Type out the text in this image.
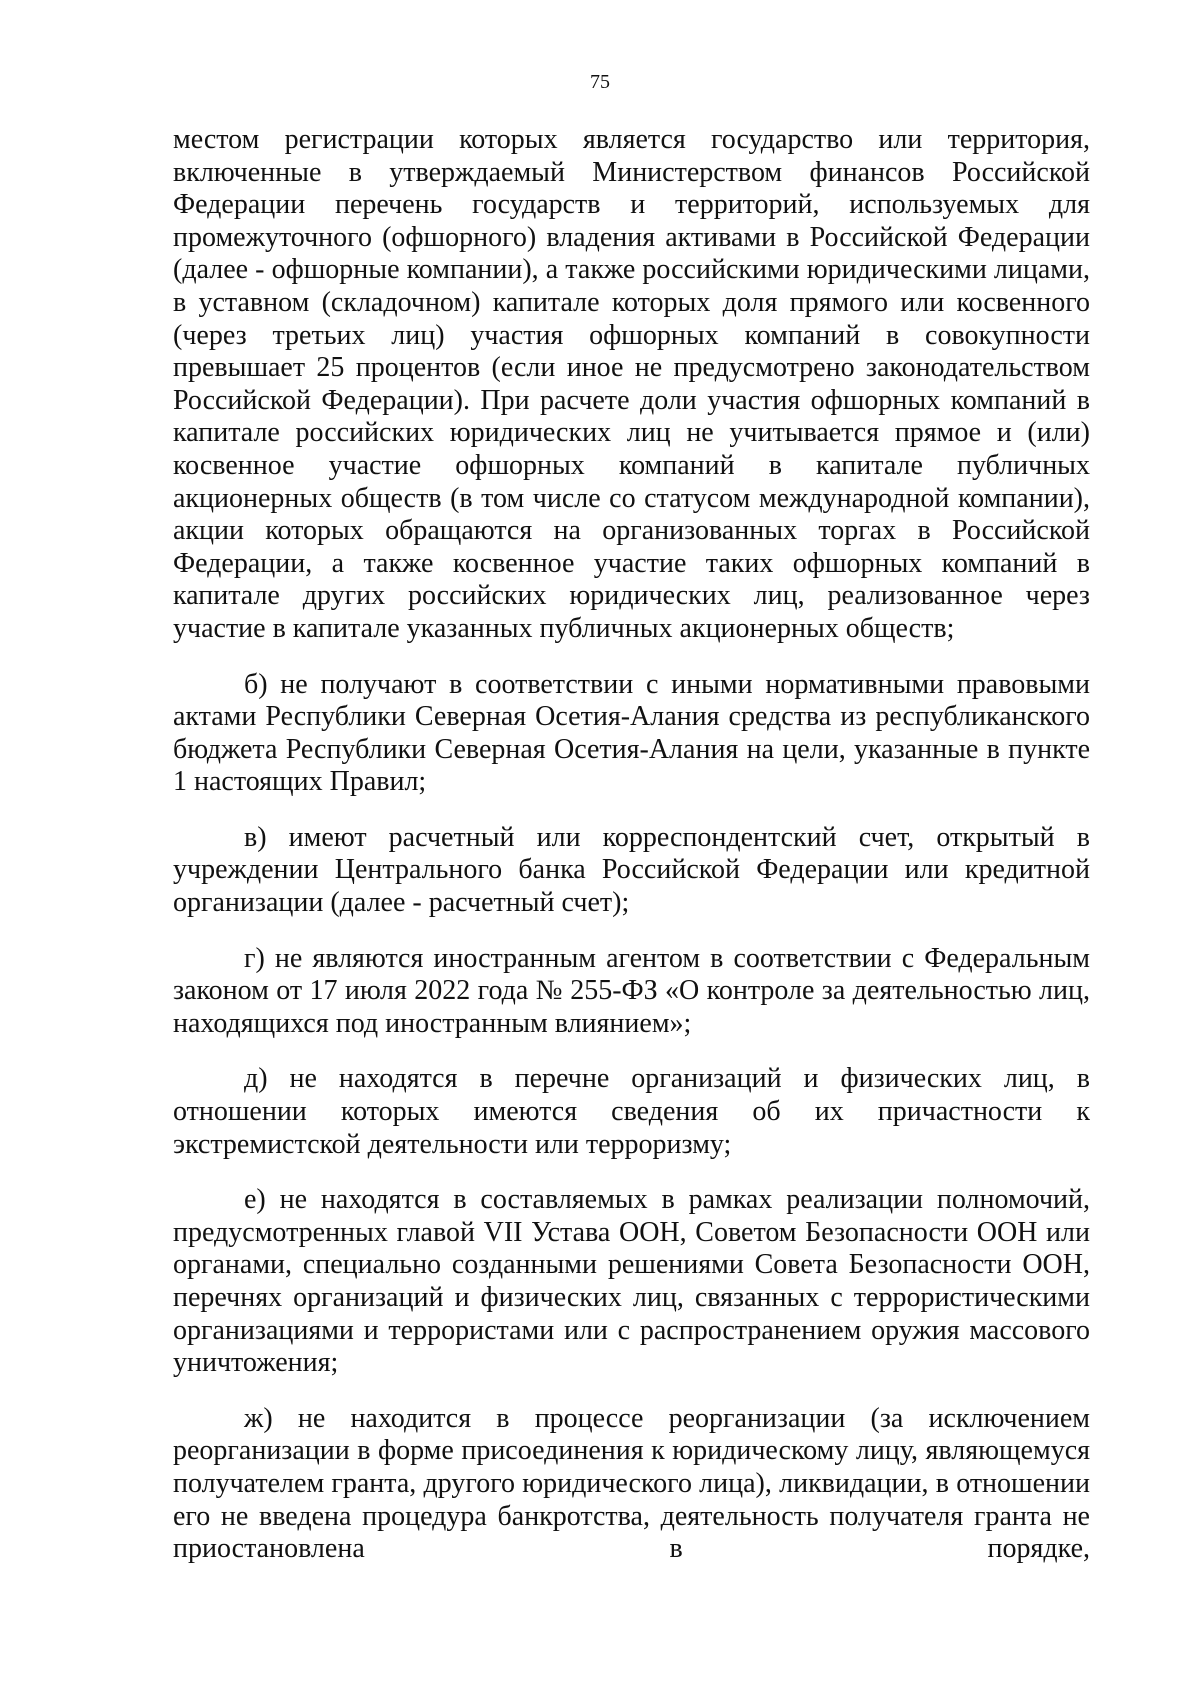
75

местом регистрации которых является государство или территория, включенные в утверждаемый Министерством финансов Российской Федерации перечень государств и территорий, используемых для промежуточного (офшорного) владения активами в Российской Федерации (далее - офшорные компании), а также российскими юридическими лицами, в уставном (складочном) капитале которых доля прямого или косвенного (через третьих лиц) участия офшорных компаний в совокупности превышает 25 процентов (если иное не предусмотрено законодательством Российской Федерации). При расчете доли участия офшорных компаний в капитале российских юридических лиц не учитывается прямое и (или) косвенное участие офшорных компаний в капитале публичных акционерных обществ (в том числе со статусом международной компании), акции которых обращаются на организованных торгах в Российской Федерации, а также косвенное участие таких офшорных компаний в капитале других российских юридических лиц, реализованное через участие в капитале указанных публичных акционерных обществ;

б) не получают в соответствии с иными нормативными правовыми актами Республики Северная Осетия-Алания средства из республиканского бюджета Республики Северная Осетия-Алания на цели, указанные в пункте 1 настоящих Правил;

в) имеют расчетный или корреспондентский счет, открытый в учреждении Центрального банка Российской Федерации или кредитной организации (далее - расчетный счет);

г) не являются иностранным агентом в соответствии с Федеральным законом от 17 июля 2022 года № 255-ФЗ «О контроле за деятельностью лиц, находящихся под иностранным влиянием»;

д) не находятся в перечне организаций и физических лиц, в отношении которых имеются сведения об их причастности к экстремистской деятельности или терроризму;

е) не находятся в составляемых в рамках реализации полномочий, предусмотренных главой VII Устава ООН, Советом Безопасности ООН или органами, специально созданными решениями Совета Безопасности ООН, перечнях организаций и физических лиц, связанных с террористическими организациями и террористами или с распространением оружия массового уничтожения;

ж) не находится в процессе реорганизации (за исключением реорганизации в форме присоединения к юридическому лицу, являющемуся получателем гранта, другого юридического лица), ликвидации, в отношении его не введена процедура банкротства, деятельность получателя гранта не приостановлена в порядке,
